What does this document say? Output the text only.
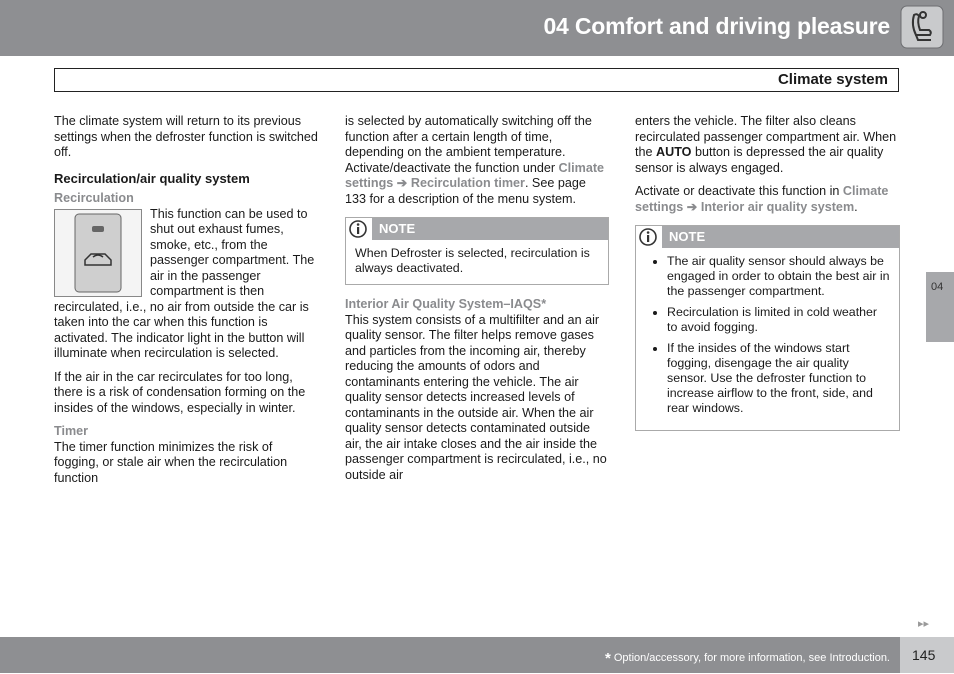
04 Comfort and driving pleasure
Climate system

The climate system will return to its previous settings when the defroster function is switched off.

Recirculation/air quality system
Recirculation

This function can be used to shut out exhaust fumes, smoke, etc., from the passenger compartment. The air in the passenger compartment is then recirculated, i.e., no air from outside the car is taken into the car when this function is activated. The indicator light in the button will illuminate when recirculation is selected.

If the air in the car recirculates for too long, there is a risk of condensation forming on the insides of the windows, especially in winter.

Timer

The timer function minimizes the risk of fogging, or stale air when the recirculation function

is selected by automatically switching off the function after a certain length of time, depending on the ambient temperature. Activate/deactivate the function under Climate settings ➔ Recirculation timer. See page 133 for a description of the menu system.

NOTE
When Defroster is selected, recirculation is always deactivated.
Interior Air Quality System–IAQS*

This system consists of a multifilter and an air quality sensor. The filter helps remove gases and particles from the incoming air, thereby reducing the amounts of odors and contaminants entering the vehicle. The air quality sensor detects increased levels of contaminants in the outside air. When the air quality sensor detects contaminated outside air, the air intake closes and the air inside the passenger compartment is recirculated, i.e., no outside air

enters the vehicle. The filter also cleans recirculated passenger compartment air. When the AUTO button is depressed the air quality sensor is always engaged.

Activate or deactivate this function in Climate settings ➔ Interior air quality system.

NOTE
• The air quality sensor should always be engaged in order to obtain the best air in the passenger compartment.
• Recirculation is limited in cold weather to avoid fogging.
• If the insides of the windows start fogging, disengage the air quality sensor. Use the defroster function to increase airflow to the front, side, and rear windows.
04
▸▸
* Option/accessory, for more information, see Introduction. 145
